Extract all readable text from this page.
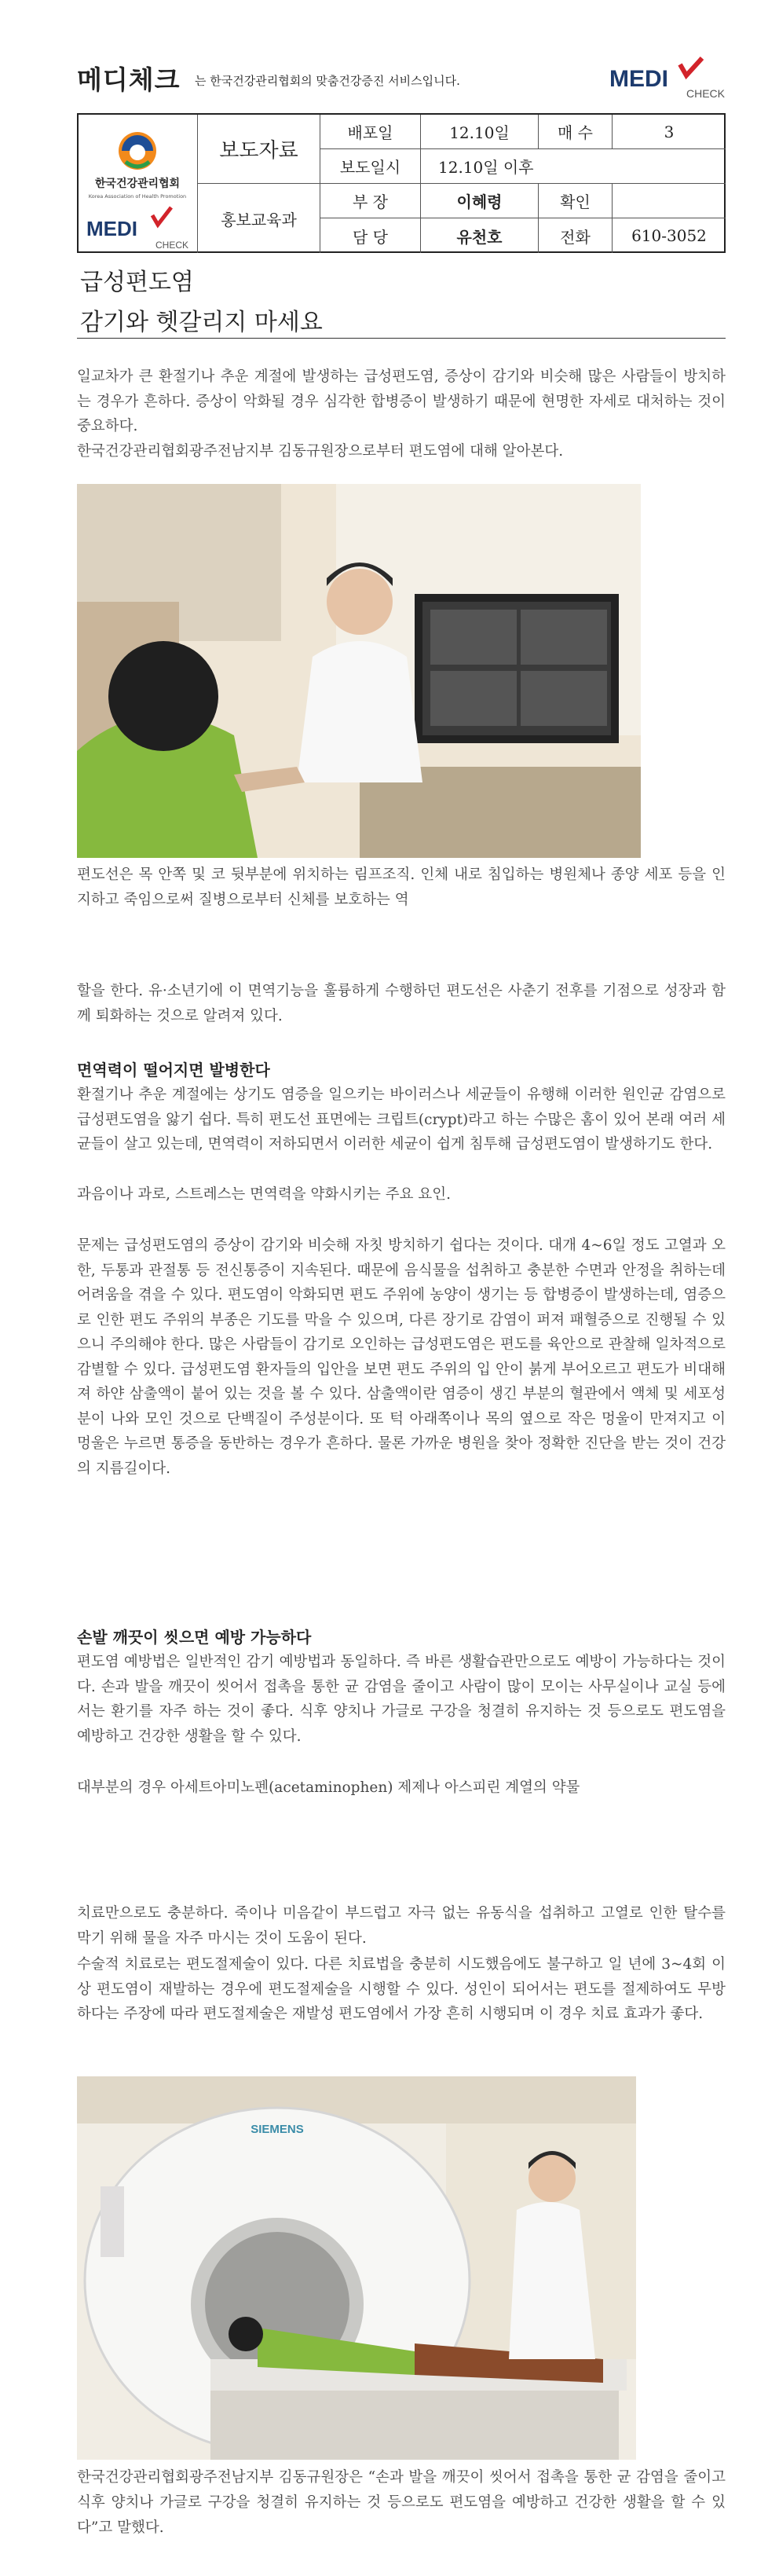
메디체크 는 한국건강관리협회의 맞춤건강증진 서비스입니다.	MEDI
CHECK
한국건강관리협회
Korea Association of Health Promotion
MEDI
CHECK
보도자료
홍보교육과
배포일	12.10일	매 수	3
보도일시	12.10일 이후
부 장	이혜령	확인
담 당	유천호	전화	610-3052
급성편도염
감기와 헷갈리지 마세요

일교차가 큰 환절기나 추운 계절에 발생하는 급성편도염, 증상이 감기와 비슷해 많은 사람들이 방치하는 경우가 흔하다. 증상이 악화될 경우 심각한 합병증이 발생하기 때문에 현명한 자세로 대처하는 것이 중요하다.

한국건강관리협회광주전남지부 김동규원장으로부터 편도염에 대해 알아본다.

편도선은 목 안쪽 및 코 뒷부분에 위치하는 림프조직. 인체 내로 침입하는 병원체나 종양 세포 등을 인지하고 죽임으로써 질병으로부터 신체를 보호하는 역

할을 한다. 유·소년기에 이 면역기능을 훌륭하게 수행하던 편도선은 사춘기 전후를 기점으로 성장과 함께 퇴화하는 것으로 알려져 있다.

면역력이 떨어지면 발병한다

환절기나 추운 계절에는 상기도 염증을 일으키는 바이러스나 세균들이 유행해 이러한 원인균 감염으로 급성편도염을 앓기 쉽다. 특히 편도선 표면에는 크립트(crypt)라고 하는 수많은 홈이 있어 본래 여러 세균들이 살고 있는데, 면역력이 저하되면서 이러한 세균이 쉽게 침투해 급성편도염이 발생하기도 한다.

과음이나 과로, 스트레스는 면역력을 약화시키는 주요 요인.

문제는 급성편도염의 증상이 감기와 비슷해 자칫 방치하기 쉽다는 것이다. 대개 4~6일 정도 고열과 오한, 두통과 관절통 등 전신통증이 지속된다. 때문에 음식물을 섭취하고 충분한 수면과 안정을 취하는데 어려움을 겪을 수 있다. 편도염이 악화되면 편도 주위에 농양이 생기는 등 합병증이 발생하는데, 염증으로 인한 편도 주위의 부종은 기도를 막을 수 있으며, 다른 장기로 감염이 퍼져 패혈증으로 진행될 수 있으니 주의해야 한다. 많은 사람들이 감기로 오인하는 급성편도염은 편도를 육안으로 관찰해 일차적으로 감별할 수 있다. 급성편도염 환자들의 입안을 보면 편도 주위의 입 안이 붉게 부어오르고 편도가 비대해져 하얀 삼출액이 붙어 있는 것을 볼 수 있다. 삼출액이란 염증이 생긴 부분의 혈관에서 액체 및 세포성분이 나와 모인 것으로 단백질이 주성분이다. 또 턱 아래쪽이나 목의 옆으로 작은 멍울이 만져지고 이 멍울은 누르면 통증을 동반하는 경우가 흔하다. 물론 가까운 병원을 찾아 정확한 진단을 받는 것이 건강의 지름길이다.

손발 깨끗이 씻으면 예방 가능하다

편도염 예방법은 일반적인 감기 예방법과 동일하다. 즉 바른 생활습관만으로도 예방이 가능하다는 것이다. 손과 발을 깨끗이 씻어서 접촉을 통한 균 감염을 줄이고 사람이 많이 모이는 사무실이나 교실 등에서는 환기를 자주 하는 것이 좋다. 식후 양치나 가글로 구강을 청결히 유지하는 것 등으로도 편도염을 예방하고 건강한 생활을 할 수 있다.

대부분의 경우 아세트아미노펜(acetaminophen) 제제나 아스피린 계열의 약물

치료만으로도 충분하다. 죽이나 미음같이 부드럽고 자극 없는 유동식을 섭취하고 고열로 인한 탈수를 막기 위해 물을 자주 마시는 것이 도움이 된다.

수술적 치료로는 편도절제술이 있다. 다른 치료법을 충분히 시도했음에도 불구하고 일 년에 3~4회 이상 편도염이 재발하는 경우에 편도절제술을 시행할 수 있다. 성인이 되어서는 편도를 절제하여도 무방하다는 주장에 따라 편도절제술은 재발성 편도염에서 가장 흔히 시행되며 이 경우 치료 효과가 좋다.

SIEMENS

한국건강관리협회광주전남지부 김동규원장은 “손과 발을 깨끗이 씻어서 접촉을 통한 균 감염을 줄이고 식후 양치나 가글로 구강을 청결히 유지하는 것 등으로도 편도염을 예방하고 건강한 생활을 할 수 있다”고 말했다.
